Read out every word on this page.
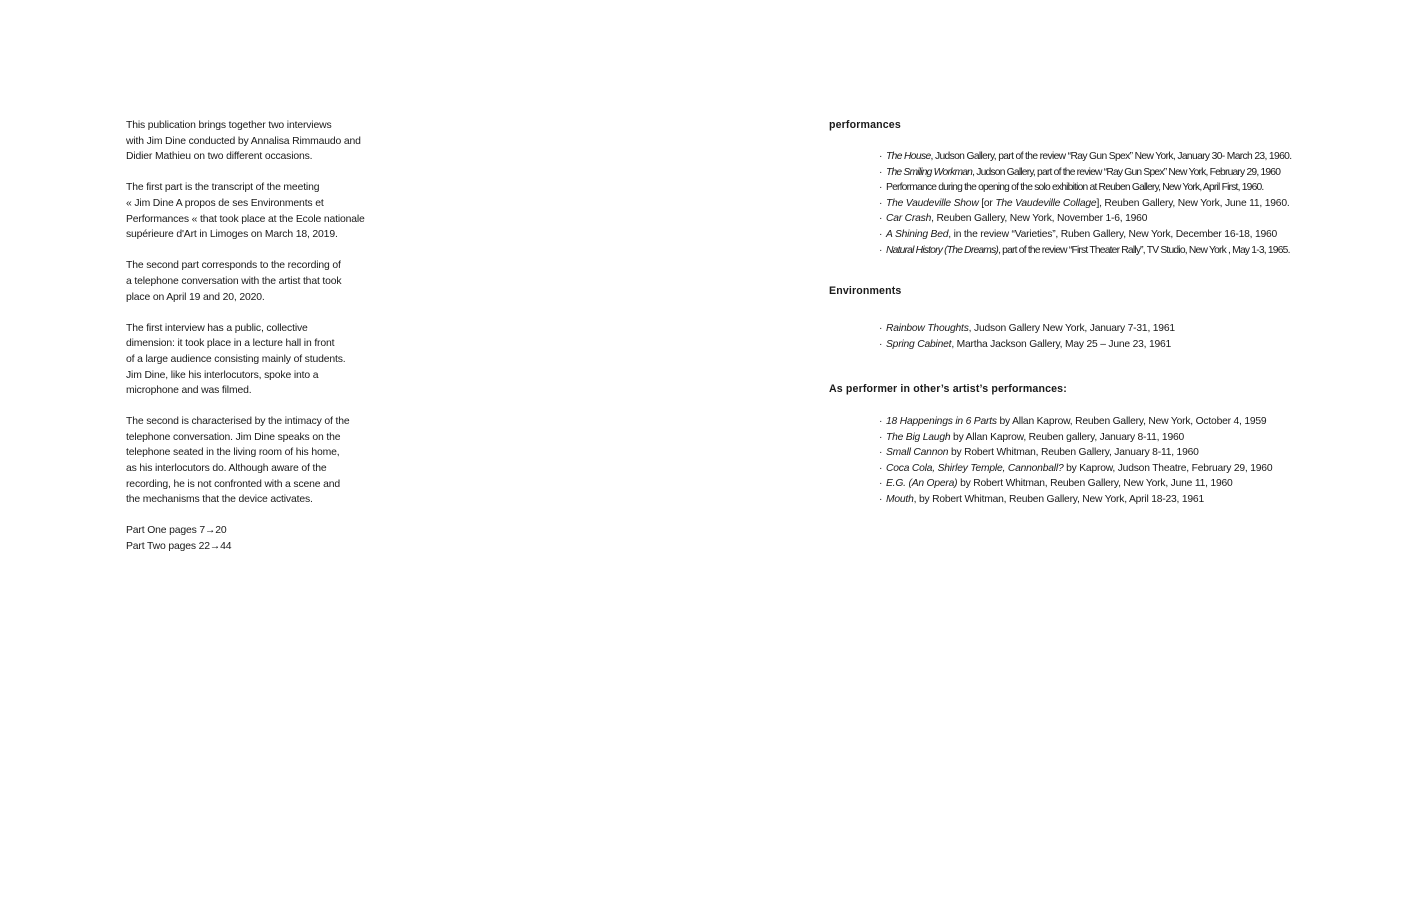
This publication brings together two interviews
with Jim Dine conducted by Annalisa Rimmaudo and
Didier Mathieu on two different occasions.
The first part is the transcript of the meeting
« Jim Dine A propos de ses Environments et
Performances « that took place at the Ecole nationale
supérieure d'Art in Limoges on March 18, 2019.
The second part corresponds to the recording of
a telephone conversation with the artist that took
place on April 19 and 20, 2020.
The first interview has a public, collective
dimension: it took place in a lecture hall in front
of a large audience consisting mainly of students.
Jim Dine, like his interlocutors, spoke into a
microphone and was filmed.
The second is characterised by the intimacy of the
telephone conversation. Jim Dine speaks on the
telephone seated in the living room of his home,
as his interlocutors do. Although aware of the
recording, he is not confronted with a scene and
the mechanisms that the device activates.
Part One pages 7→20
Part Two pages 22→44
performances
· The House, Judson Gallery, part of the review “Ray Gun Spex” New York, January 30- March 23, 1960.
· The Smiling Workman, Judson Gallery, part of the review “Ray Gun Spex” New York, February 29, 1960
· Performance during the opening of the solo exhibition at Reuben Gallery, New York, April First, 1960.
· The Vaudeville Show [or The Vaudeville Collage], Reuben Gallery, New York, June 11, 1960.
· Car Crash, Reuben Gallery, New York, November 1-6, 1960
· A Shining Bed, in the review “Varieties”, Ruben Gallery, New York, December 16-18, 1960
· Natural History (The Dreams), part of the review “First Theater Rally”, TV Studio, New York , May 1-3, 1965.
Environments
· Rainbow Thoughts, Judson Gallery New York, January 7-31, 1961
· Spring Cabinet, Martha Jackson Gallery, May 25 – June 23, 1961
As performer in other’s artist’s performances:
· 18 Happenings in 6 Parts by Allan Kaprow, Reuben Gallery, New York, October 4, 1959
· The Big Laugh by Allan Kaprow, Reuben gallery, January 8-11, 1960
· Small Cannon by Robert Whitman, Reuben Gallery, January 8-11, 1960
· Coca Cola, Shirley Temple, Cannonball? by Kaprow, Judson Theatre, February 29, 1960
· E.G. (An Opera) by Robert Whitman, Reuben Gallery, New York, June 11, 1960
· Mouth, by Robert Whitman, Reuben Gallery, New York, April 18-23, 1961
